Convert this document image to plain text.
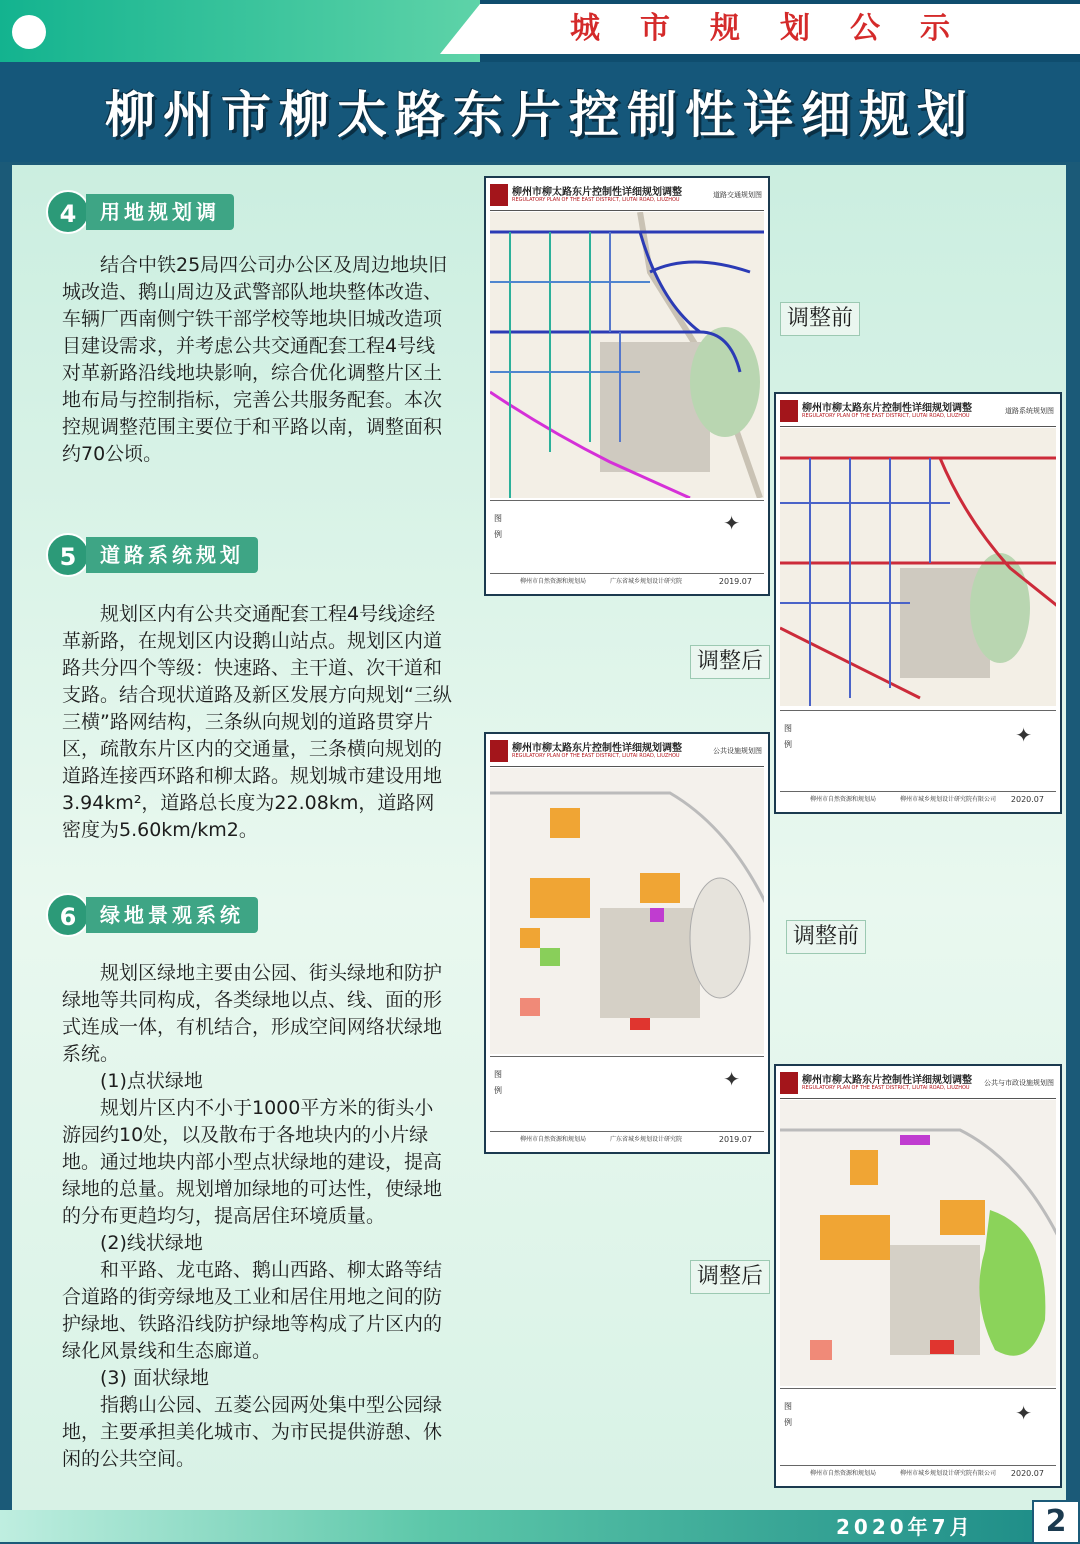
城市规划公示
柳州市柳太路东片控制性详细规划
4	用地规划调

结合中铁25局四公司办公区及周边地块旧城改造、鹅山周边及武警部队地块整体改造、车辆厂西南侧宁铁干部学校等地块旧城改造项目建设需求，并考虑公共交通配套工程4号线对革新路沿线地块影响，综合优化调整片区土地布局与控制指标，完善公共服务配套。本次控规调整范围主要位于和平路以南，调整面积约70公顷。

5	道路系统规划

规划区内有公共交通配套工程4号线途经革新路，在规划区内设鹅山站点。规划区内道路共分四个等级：快速路、主干道、次干道和支路。结合现状道路及新区发展方向规划“三纵三横”路网结构，三条纵向规划的道路贯穿片区，疏散东片区内的交通量，三条横向规划的道路连接西环路和柳太路。规划城市建设用地3.94km²，道路总长度为22.08km，道路网密度为5.60km/km2。

6	绿地景观系统

规划区绿地主要由公园、街头绿地和防护绿地等共同构成，各类绿地以点、线、面的形式连成一体，有机结合，形成空间网络状绿地系统。

(1)点状绿地

规划片区内不小于1000平方米的街头小游园约10处，以及散布于各地块内的小片绿地。通过地块内部小型点状绿地的建设，提高绿地的总量。规划增加绿地的可达性，使绿地的分布更趋均匀，提高居住环境质量。

(2)线状绿地

和平路、龙屯路、鹅山西路、柳太路等结合道路的街旁绿地及工业和居住用地之间的防护绿地、铁路沿线防护绿地等构成了片区内的绿化风景线和生态廊道。

(3) 面状绿地

指鹅山公园、五菱公园两处集中型公园绿地，主要承担美化城市、为市民提供游憩、休闲的公共空间。

柳州市柳太路东片控制性详细规划调整
REGULATORY PLAN OF THE EAST DISTRICT, LIUTAI ROAD, LIUZHOU
道路交通规划图
图例	✦
柳州市自然资源和规划局	广东省城乡规划设计研究院	2019.07
调整前
柳州市柳太路东片控制性详细规划调整
REGULATORY PLAN OF THE EAST DISTRICT, LIUTAI ROAD, LIUZHOU
道路系统规划图
图例	✦
柳州市自然资源和规划局	柳州市城乡规划设计研究院有限公司 2020.07
调整后
柳州市柳太路东片控制性详细规划调整
REGULATORY PLAN OF THE EAST DISTRICT, LIUTAI ROAD, LIUZHOU
公共设施规划图
图例	✦
柳州市自然资源和规划局	广东省城乡规划设计研究院	2019.07
调整前
柳州市柳太路东片控制性详细规划调整
REGULATORY PLAN OF THE EAST DISTRICT, LIUTAI ROAD, LIUZHOU
公共与市政设施规划图
图例	✦
柳州市自然资源和规划局	柳州市城乡规划设计研究院有限公司 2020.07
调整后
2020年7月	2
